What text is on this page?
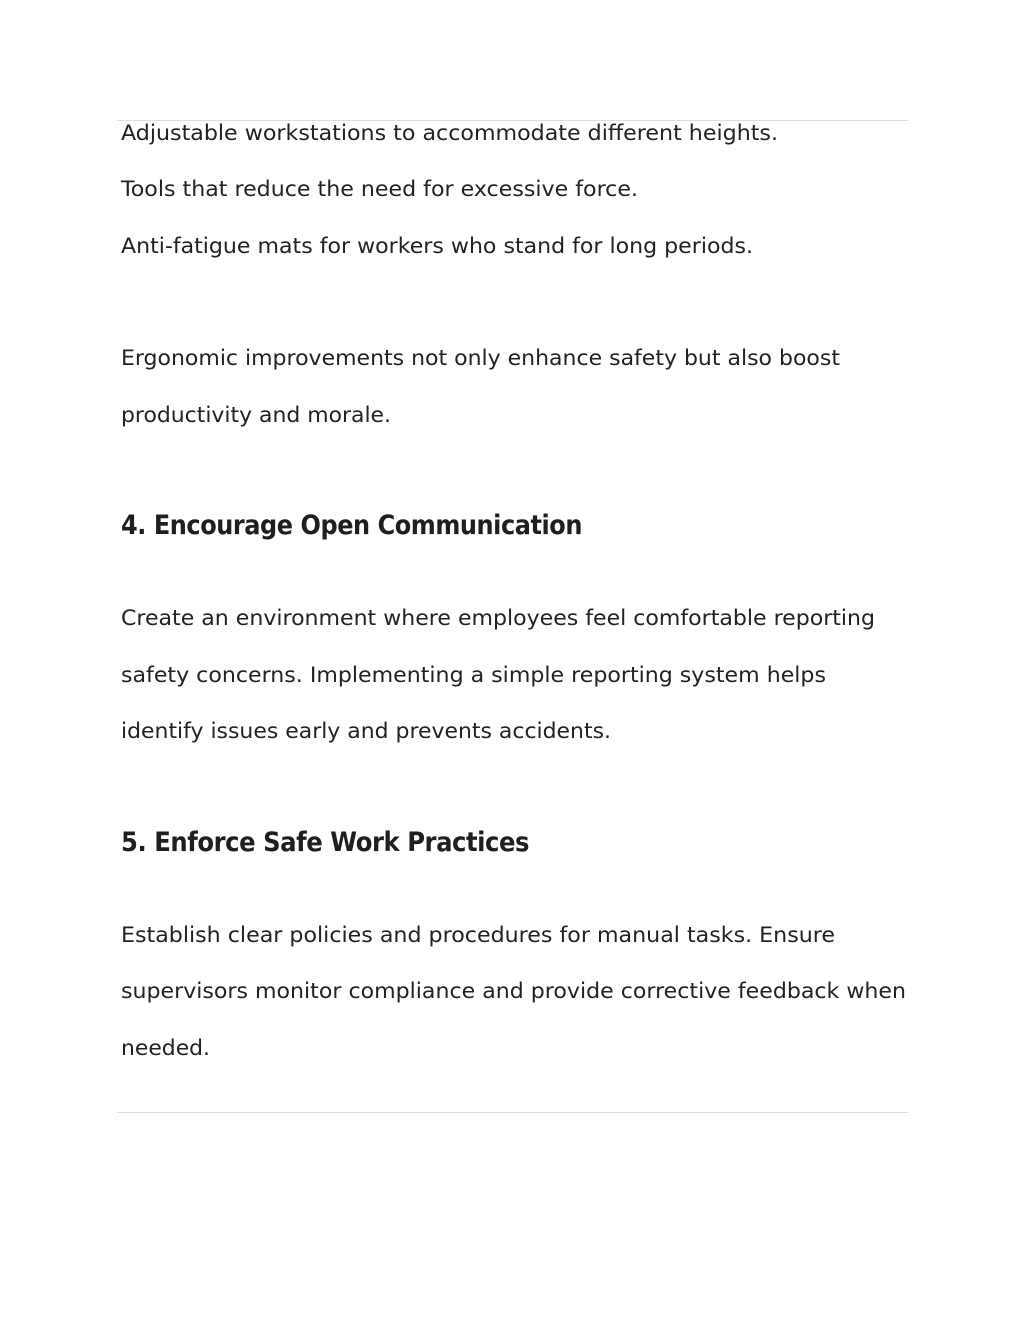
Adjustable workstations to accommodate different heights.
Tools that reduce the need for excessive force.
Anti-fatigue mats for workers who stand for long periods.

Ergonomic improvements not only enhance safety but also boost

productivity and morale.

4. Encourage Open Communication

Create an environment where employees feel comfortable reporting

safety concerns. Implementing a simple reporting system helps

identify issues early and prevents accidents.

5. Enforce Safe Work Practices

Establish clear policies and procedures for manual tasks. Ensure

supervisors monitor compliance and provide corrective feedback when

needed.
